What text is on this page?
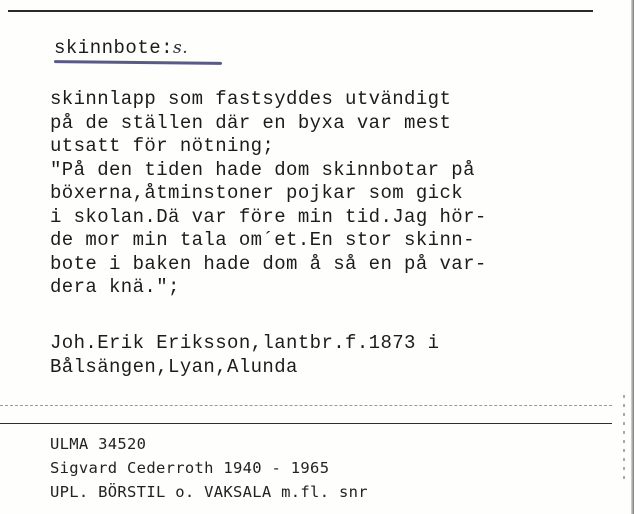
skinnbote:s.
skinnlapp som fastsyddes utvändigt
på de ställen där en byxa var mest
utsatt för nötning;
"På den tiden hade dom skinnbotar på
böxerna,åtminstoner pojkar som gick
i skolan.Dä var före min tid.Jag hör-
de mor min tala om´et.En stor skinn-
bote i baken hade dom å så en på var-
dera knä.";
Joh.Erik Eriksson,lantbr.f.1873 i
Bålsängen,Lyan,Alunda
ULMA 34520
Sigvard Cederroth 1940 - 1965
UPL. BÖRSTIL o. VAKSALA m.fl. snr
